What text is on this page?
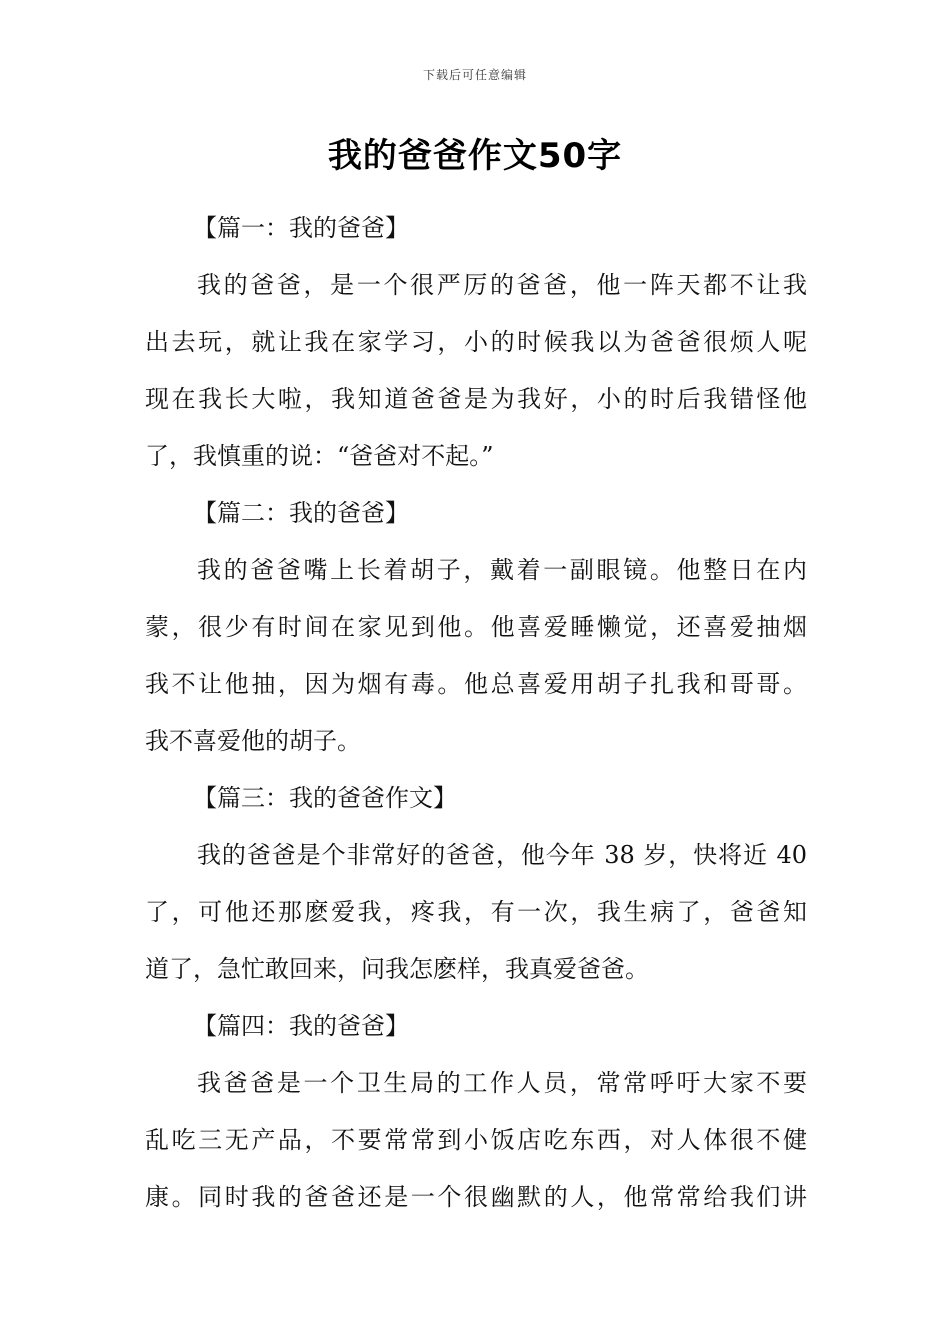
下载后可任意编辑
我的爸爸作文50字

【篇一：我的爸爸】

我的爸爸，是一个很严厉的爸爸，他一阵天都不让我

出去玩，就让我在家学习，小的时候我以为爸爸很烦人呢

现在我长大啦，我知道爸爸是为我好，小的时后我错怪他

了，我慎重的说：“爸爸对不起。”

【篇二：我的爸爸】

我的爸爸嘴上长着胡子，戴着一副眼镜。他整日在内

蒙，很少有时间在家见到他。他喜爱睡懒觉，还喜爱抽烟

我不让他抽，因为烟有毒。他总喜爱用胡子扎我和哥哥。

我不喜爱他的胡子。

【篇三：我的爸爸作文】

我的爸爸是个非常好的爸爸，他今年 38 岁，快将近 40

了，可他还那麽爱我，疼我，有一次，我生病了，爸爸知

道了，急忙敢回来，问我怎麽样，我真爱爸爸。

【篇四：我的爸爸】

我爸爸是一个卫生局的工作人员，常常呼吁大家不要

乱吃三无产品，不要常常到小饭店吃东西，对人体很不健

康。同时我的爸爸还是一个很幽默的人，他常常给我们讲
